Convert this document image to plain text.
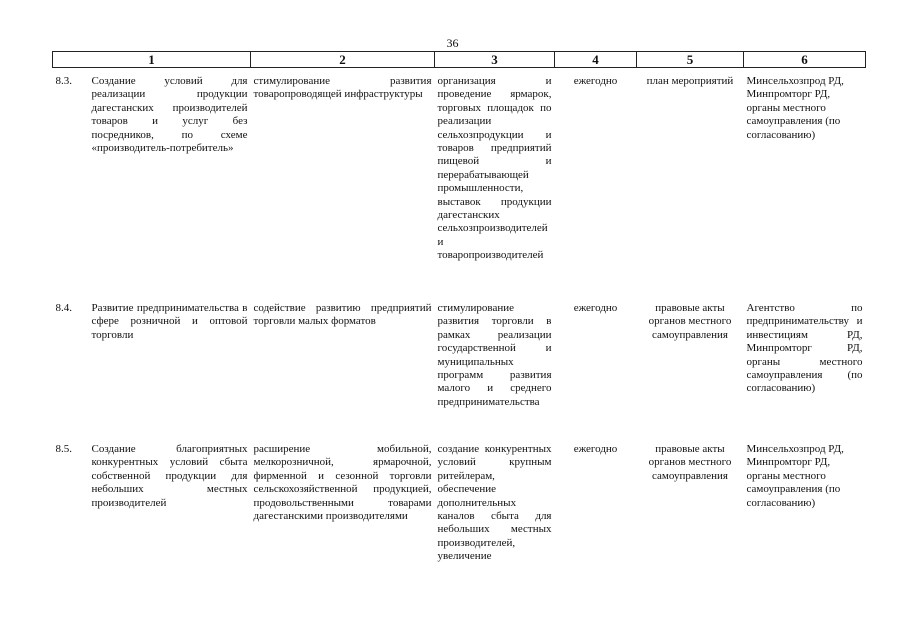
36
1		2	3	4	5	6
8.3.	Создание условий для реализации продукции дагестанских производителей товаров и услуг без посредников, по схеме «производитель-потребитель»	стимулирование развития товаропроводящей инфраструктуры	организация и проведение ярмарок, торговых площадок по реализации сельхозпродукции и товаров предприятий пищевой и перерабатывающей промышленности, выставок продукции дагестанских сельхозпроизводителей и товаропроизводителей	ежегодно	план мероприятий	Минсельхозпрод РД, Минпромторг РД, органы местного самоуправления (по согласованию)
8.4.	Развитие предпринимательства в сфере розничной и оптовой торговли	содействие развитию предприятий торговли малых форматов	стимулирование развития торговли в рамках реализации государственной и муниципальных программ развития малого и среднего предпринимательства	ежегодно	правовые акты органов местного самоуправления	Агентство по предпринимательству и инвестициям РД, Минпромторг РД, органы местного самоуправления (по согласованию)
8.5.	Создание благоприятных конкурентных условий сбыта собственной продукции для небольших местных производителей	расширение мобильной, мелкорозничной, ярмарочной, фирменной и сезонной торговли сельскохозяйственной продукцией, продовольственными товарами дагестанскими производителями	создание конкурентных условий крупным ритейлерам, обеспечение дополнительных каналов сбыта для небольших местных производителей, увеличение	ежегодно	правовые акты органов местного самоуправления	Минсельхозпрод РД, Минпромторг РД, органы местного самоуправления (по согласованию)
